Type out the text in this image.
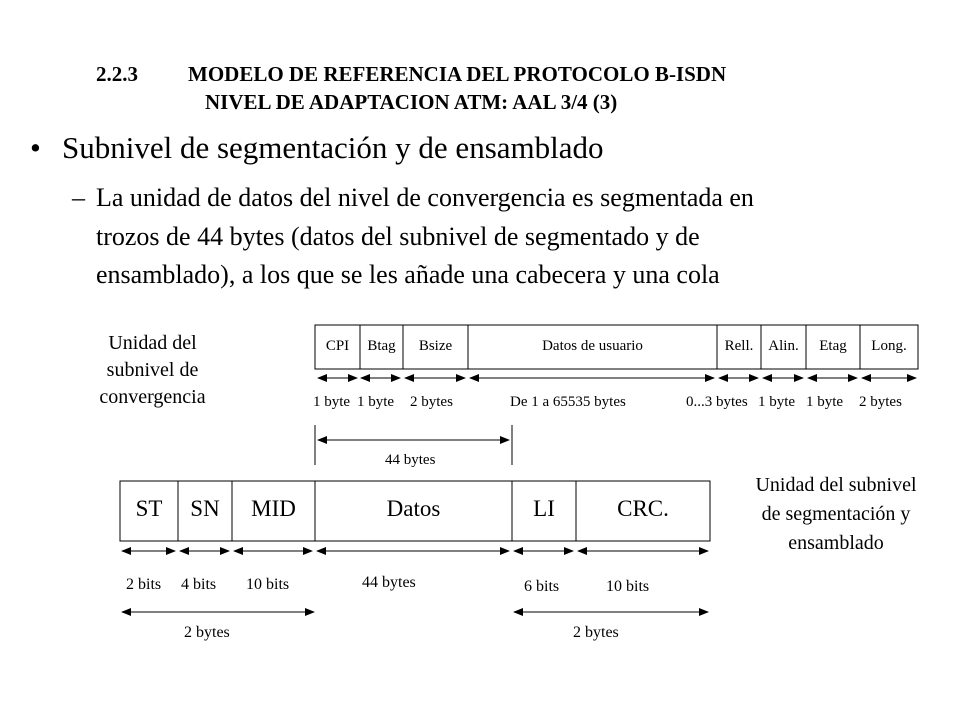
2.2.3 MODELO DE REFERENCIA DEL PROTOCOLO B-ISDN
NIVEL DE ADAPTACION ATM: AAL 3/4 (3)
• Subnivel de segmentación y de ensamblado
– La unidad de datos del nivel de convergencia es segmentada en
trozos de 44 bytes (datos del subnivel de segmentado y de
ensamblado), a los que se les añade una cabecera y una cola
Unidad del
subnivel de
convergencia
CPI	Btag	Bsize	Datos de usuario	Rell. Alin.	Etag	Long.
1 byte 1 byte 2 bytes	De 1 a 65535 bytes	0...3 bytes 1 byte 1 byte 2 bytes
44 bytes
Unidad del subnivel
de segmentación y
ensamblado
ST	SN	MID	Datos	LI	CRC.
2 bits 4 bits 10 bits	44 bytes	6 bits	10 bits
2 bytes	2 bytes
